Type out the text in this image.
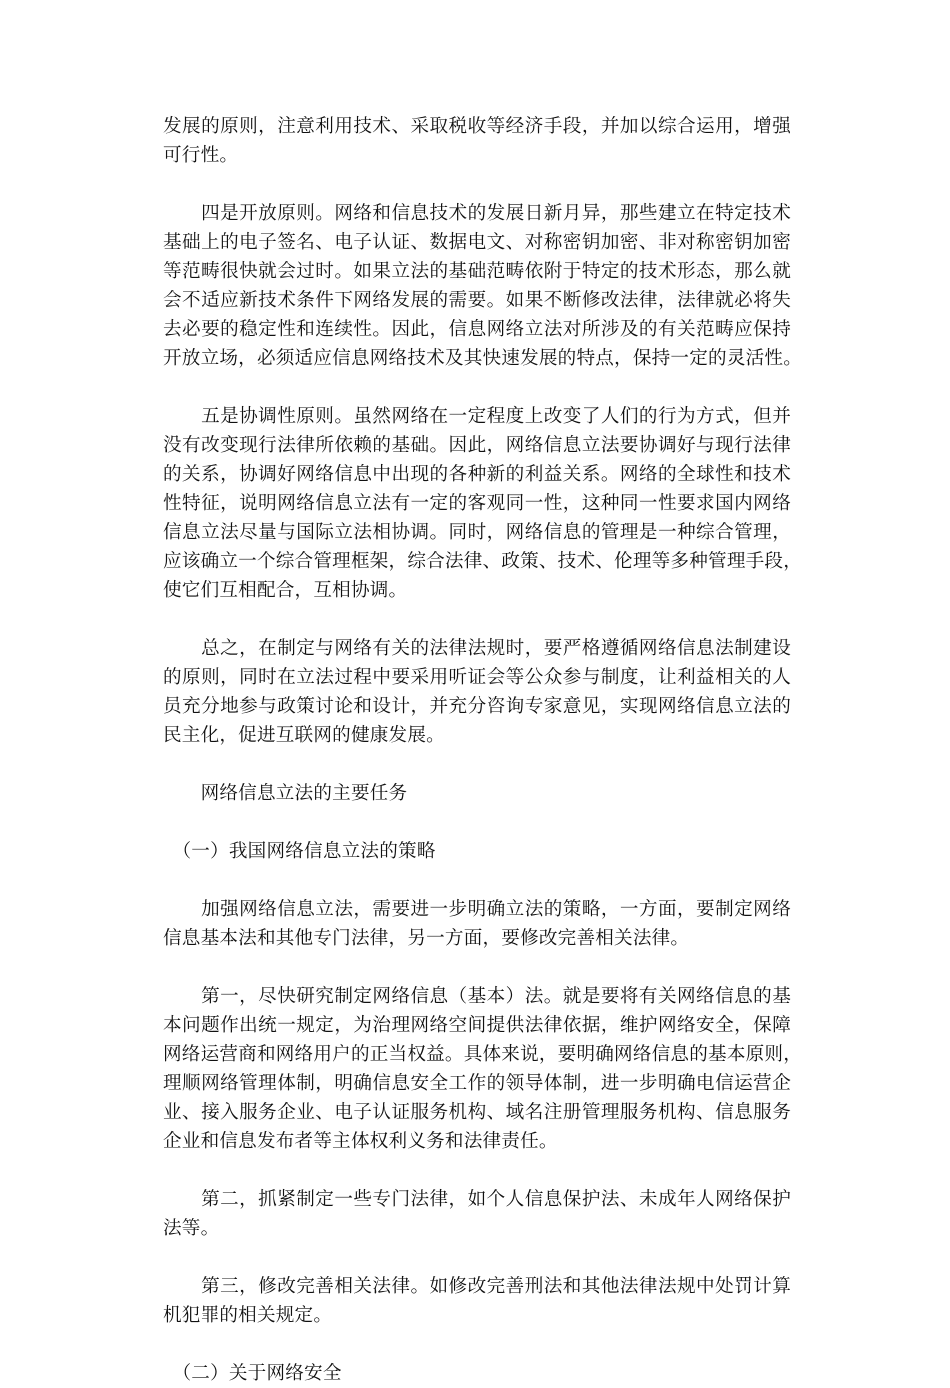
发展的原则，注意利用技术、采取税收等经济手段，并加以综合运用，增强
可行性。
　　四是开放原则。网络和信息技术的发展日新月异，那些建立在特定技术
基础上的电子签名、电子认证、数据电文、对称密钥加密、非对称密钥加密
等范畴很快就会过时。如果立法的基础范畴依附于特定的技术形态，那么就
会不适应新技术条件下网络发展的需要。如果不断修改法律，法律就必将失
去必要的稳定性和连续性。因此，信息网络立法对所涉及的有关范畴应保持
开放立场，必须适应信息网络技术及其快速发展的特点，保持一定的灵活性。
　　五是协调性原则。虽然网络在一定程度上改变了人们的行为方式，但并
没有改变现行法律所依赖的基础。因此，网络信息立法要协调好与现行法律
的关系，协调好网络信息中出现的各种新的利益关系。网络的全球性和技术
性特征，说明网络信息立法有一定的客观同一性，这种同一性要求国内网络
信息立法尽量与国际立法相协调。同时，网络信息的管理是一种综合管理，
应该确立一个综合管理框架，综合法律、政策、技术、伦理等多种管理手段，
使它们互相配合，互相协调。
　　总之，在制定与网络有关的法律法规时，要严格遵循网络信息法制建设
的原则，同时在立法过程中要采用听证会等公众参与制度，让利益相关的人
员充分地参与政策讨论和设计，并充分咨询专家意见，实现网络信息立法的
民主化，促进互联网的健康发展。
　　网络信息立法的主要任务
　（一）我国网络信息立法的策略
　　加强网络信息立法，需要进一步明确立法的策略，一方面，要制定网络
信息基本法和其他专门法律，另一方面，要修改完善相关法律。
　　第一，尽快研究制定网络信息（基本）法。就是要将有关网络信息的基
本问题作出统一规定，为治理网络空间提供法律依据，维护网络安全，保障
网络运营商和网络用户的正当权益。具体来说，要明确网络信息的基本原则，
理顺网络管理体制，明确信息安全工作的领导体制，进一步明确电信运营企
业、接入服务企业、电子认证服务机构、域名注册管理服务机构、信息服务
企业和信息发布者等主体权利义务和法律责任。
　　第二，抓紧制定一些专门法律，如个人信息保护法、未成年人网络保护
法等。
　　第三，修改完善相关法律。如修改完善刑法和其他法律法规中处罚计算
机犯罪的相关规定。
　（二）关于网络安全
